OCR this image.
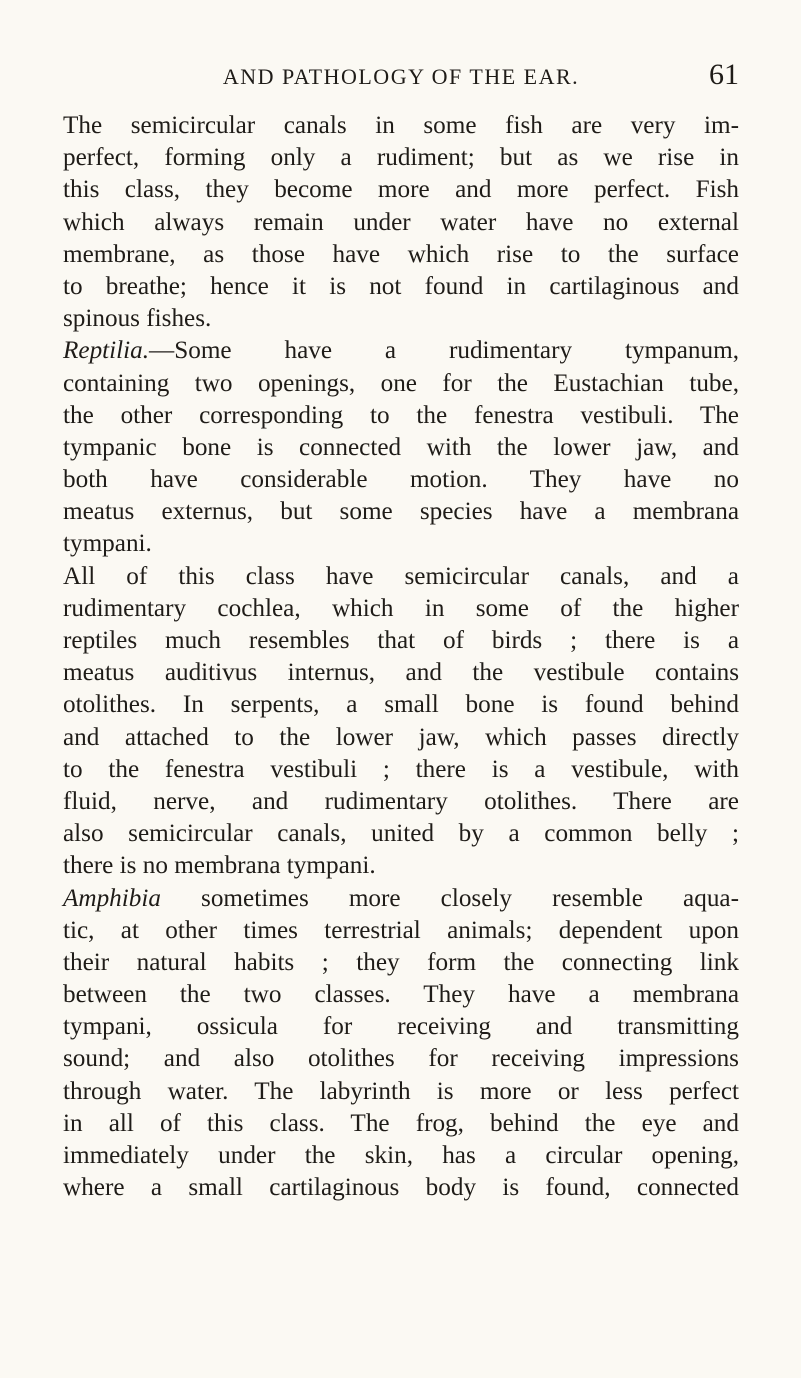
AND PATHOLOGY OF THE EAR.	61
The semicircular canals in some fish are very im-
perfect, forming only a rudiment; but as we rise in
this class, they become more and more perfect. Fish
which always remain under water have no external
membrane, as those have which rise to the surface
to breathe; hence it is not found in cartilaginous and
spinous fishes.
Reptilia.—Some have a rudimentary tympanum,
containing two openings, one for the Eustachian tube,
the other corresponding to the fenestra vestibuli. The
tympanic bone is connected with the lower jaw, and
both have considerable motion. They have no
meatus externus, but some species have a membrana
tympani.
All of this class have semicircular canals, and a
rudimentary cochlea, which in some of the higher
reptiles much resembles that of birds ; there is a
meatus auditivus internus, and the vestibule contains
otolithes. In serpents, a small bone is found behind
and attached to the lower jaw, which passes directly
to the fenestra vestibuli ; there is a vestibule, with
fluid, nerve, and rudimentary otolithes. There are
also semicircular canals, united by a common belly ;
there is no membrana tympani.
Amphibia sometimes more closely resemble aqua-
tic, at other times terrestrial animals; dependent upon
their natural habits ; they form the connecting link
between the two classes. They have a membrana
tympani, ossicula for receiving and transmitting
sound; and also otolithes for receiving impressions
through water. The labyrinth is more or less perfect
in all of this class. The frog, behind the eye and
immediately under the skin, has a circular opening,
where a small cartilaginous body is found, connected
